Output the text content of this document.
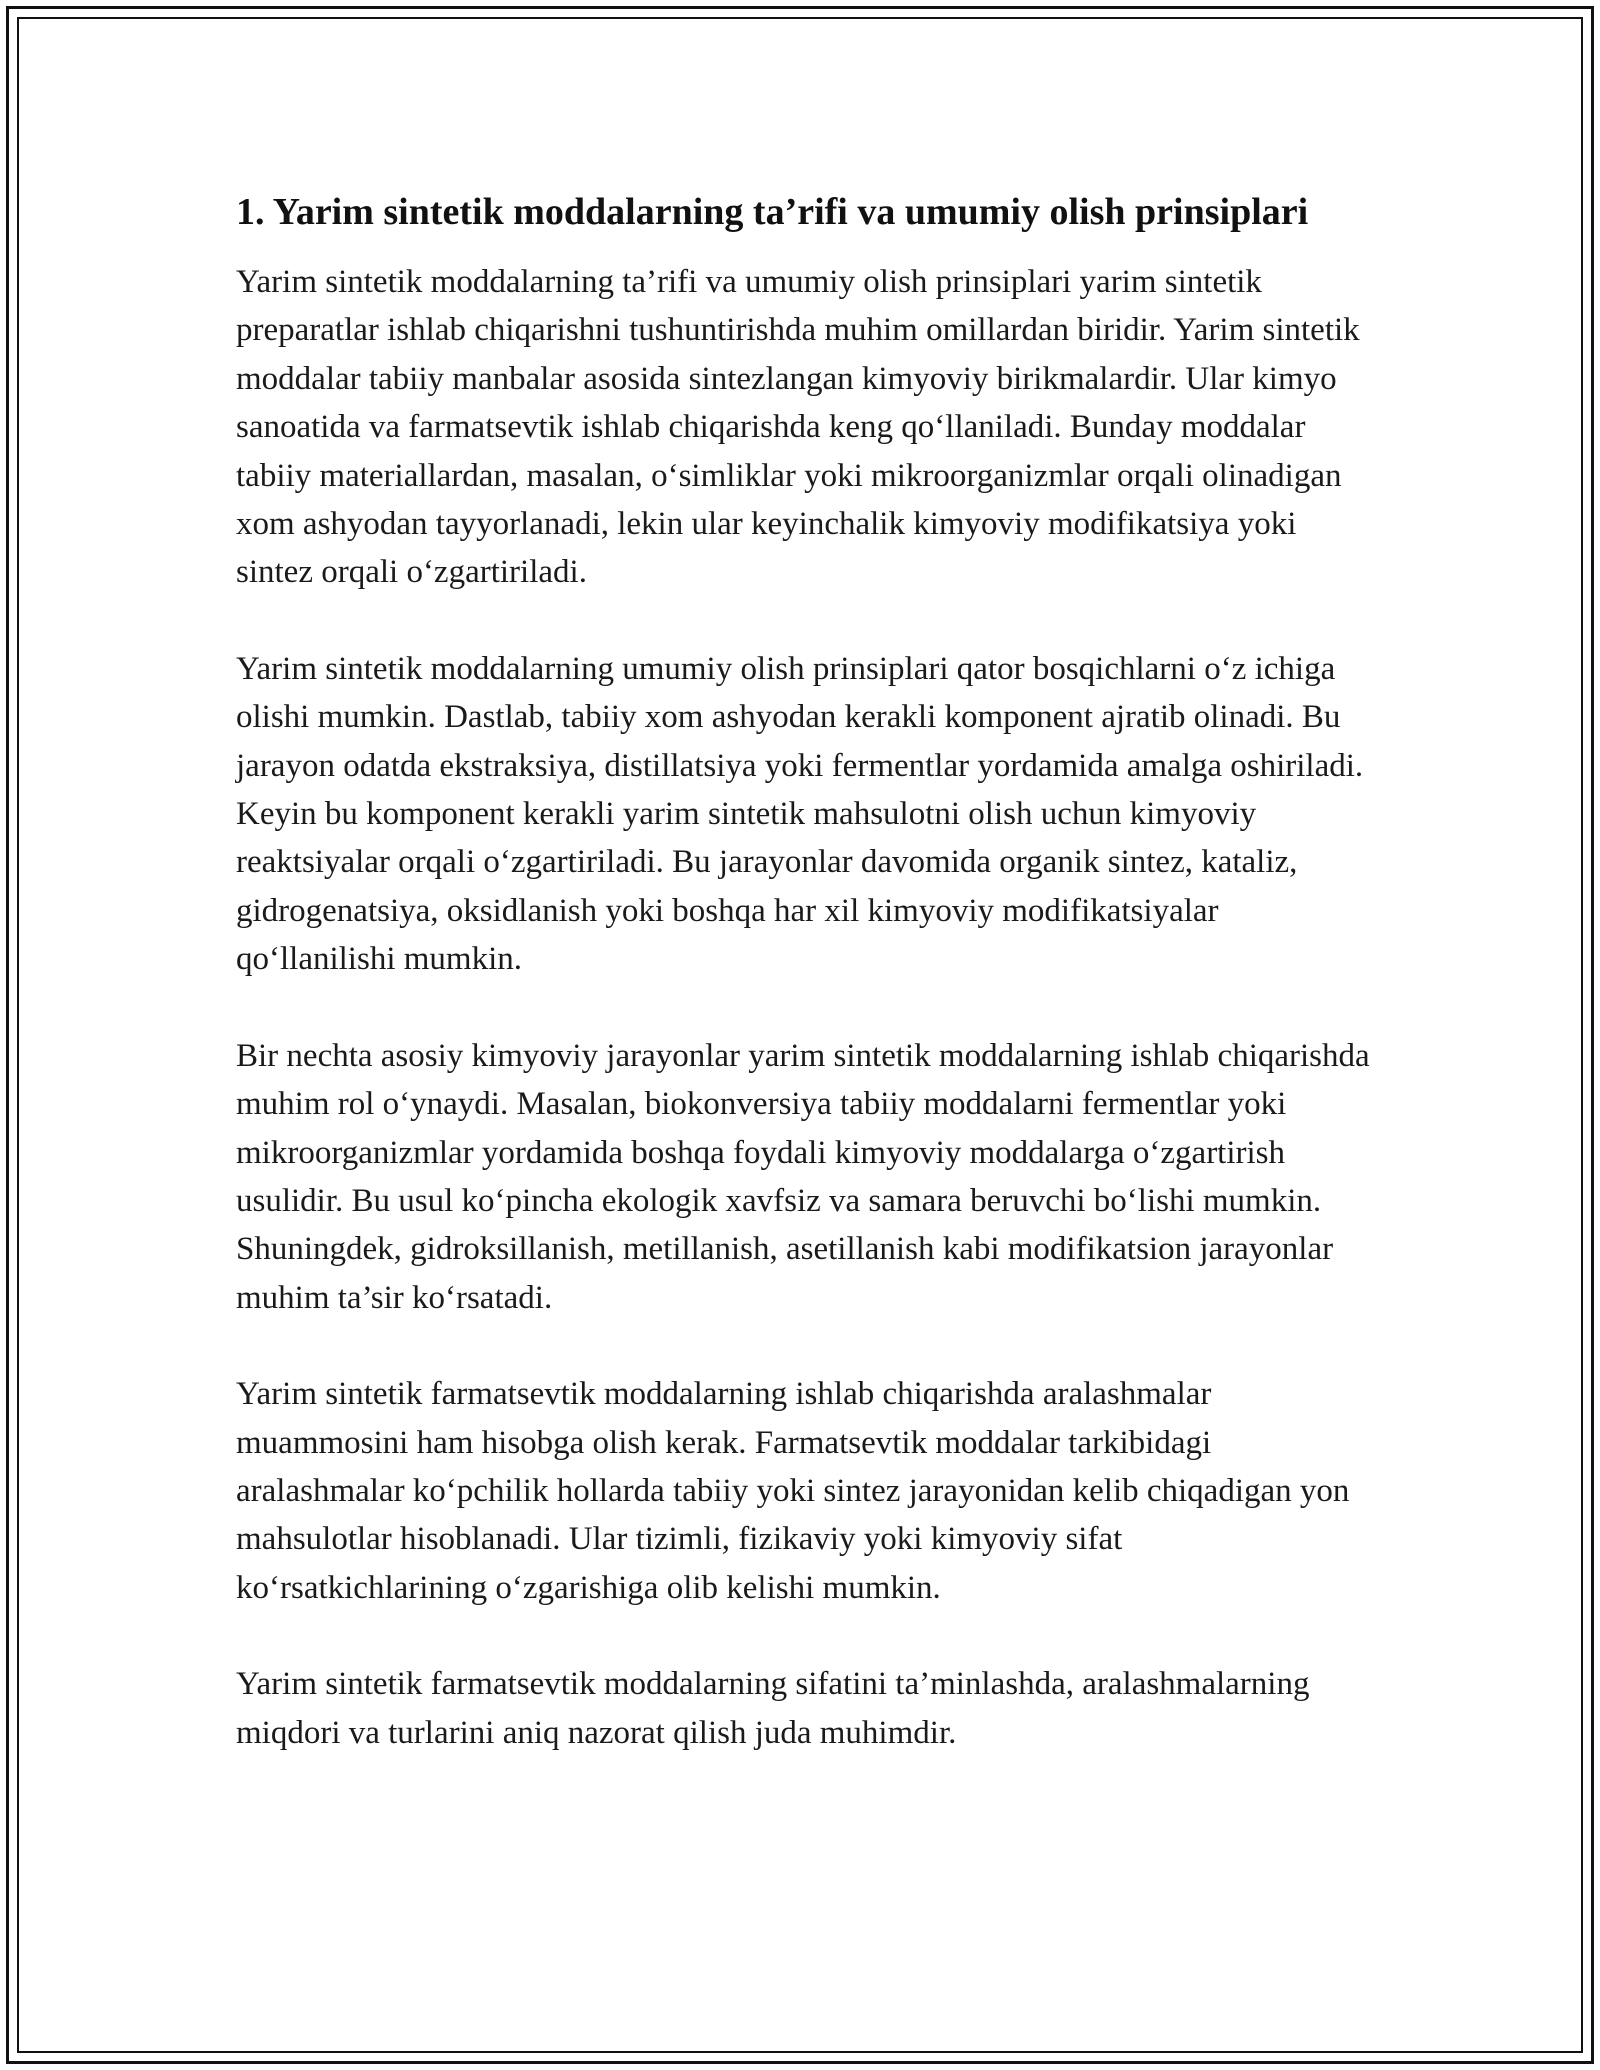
1. Yarim sintetik moddalarning ta’rifi va umumiy olish prinsiplari

Yarim sintetik moddalarning ta’rifi va umumiy olish prinsiplari yarim sintetik preparatlar ishlab chiqarishni tushuntirishda muhim omillardan biridir. Yarim sintetik moddalar tabiiy manbalar asosida sintezlangan kimyoviy birikmalardir. Ular kimyo sanoatida va farmatsevtik ishlab chiqarishda keng qo‘llaniladi. Bunday moddalar tabiiy materiallardan, masalan, o‘simliklar yoki mikroorganizmlar orqali olinadigan xom ashyodan tayyorlanadi, lekin ular keyinchalik kimyoviy modifikatsiya yoki sintez orqali o‘zgartiriladi.

Yarim sintetik moddalarning umumiy olish prinsiplari qator bosqichlarni o‘z ichiga olishi mumkin. Dastlab, tabiiy xom ashyodan kerakli komponent ajratib olinadi. Bu jarayon odatda ekstraksiya, distillatsiya yoki fermentlar yordamida amalga oshiriladi. Keyin bu komponent kerakli yarim sintetik mahsulotni olish uchun kimyoviy reaktsiyalar orqali o‘zgartiriladi. Bu jarayonlar davomida organik sintez, kataliz, gidrogenatsiya, oksidlanish yoki boshqa har xil kimyoviy modifikatsiyalar qo‘llanilishi mumkin.

Bir nechta asosiy kimyoviy jarayonlar yarim sintetik moddalarning ishlab chiqarishda muhim rol o‘ynaydi. Masalan, biokonversiya tabiiy moddalarni fermentlar yoki mikroorganizmlar yordamida boshqa foydali kimyoviy moddalarga o‘zgartirish usulidir. Bu usul ko‘pincha ekologik xavfsiz va samara beruvchi bo‘lishi mumkin. Shuningdek, gidroksillanish, metillanish, asetillanish kabi modifikatsion jarayonlar muhim ta’sir ko‘rsatadi.

Yarim sintetik farmatsevtik moddalarning ishlab chiqarishda aralashmalar muammosini ham hisobga olish kerak. Farmatsevtik moddalar tarkibidagi aralashmalar ko‘pchilik hollarda tabiiy yoki sintez jarayonidan kelib chiqadigan yon mahsulotlar hisoblanadi. Ular tizimli, fizikaviy yoki kimyoviy sifat ko‘rsatkichlarining o‘zgarishiga olib kelishi mumkin.

Yarim sintetik farmatsevtik moddalarning sifatini ta’minlashda, aralashmalarning miqdori va turlarini aniq nazorat qilish juda muhimdir.
